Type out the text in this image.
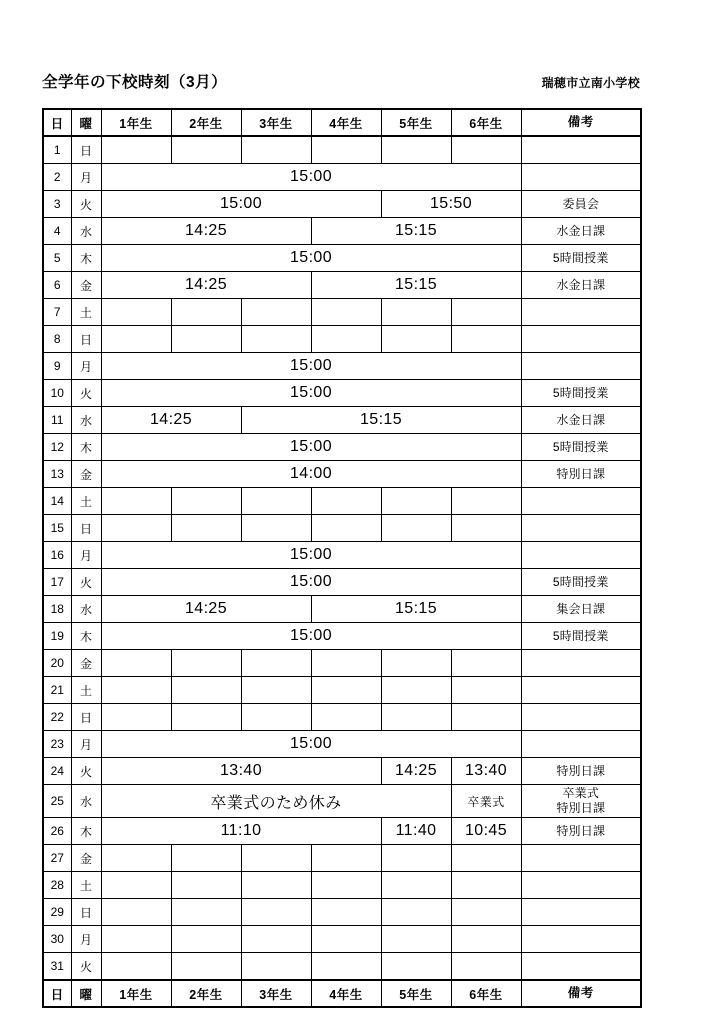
全学年の下校時刻（3月）	瑞穂市立南小学校
日	曜	1年生	2年生	3年生	4年生	5年生	6年生	備考
1	日							
2	月	15:00						
3	火	15:00				15:50		委員会
4	水	14:25			15:15			水金日課
5	木	15:00						5時間授業
6	金	14:25			15:15			水金日課
7	土							
8	日							
9	月	15:00						
10	火	15:00						5時間授業
11	水	14:25		15:15				水金日課
12	木	15:00						5時間授業
13	金	14:00						特別日課
14	土							
15	日							
16	月	15:00						
17	火	15:00						5時間授業
18	水	14:25			15:15			集会日課
19	木	15:00						5時間授業
20	金							
21	土							
22	日							
23	月	15:00						
24	火	13:40				14:25	13:40	特別日課
25	水	卒業式のため休み					卒業式	卒業式
特別日課

26	木	11:10				11:40	10:45	特別日課
27	金							
28	土							
29	日							
30	月							
31	火							
日	曜	1年生	2年生	3年生	4年生	5年生	6年生	備考
